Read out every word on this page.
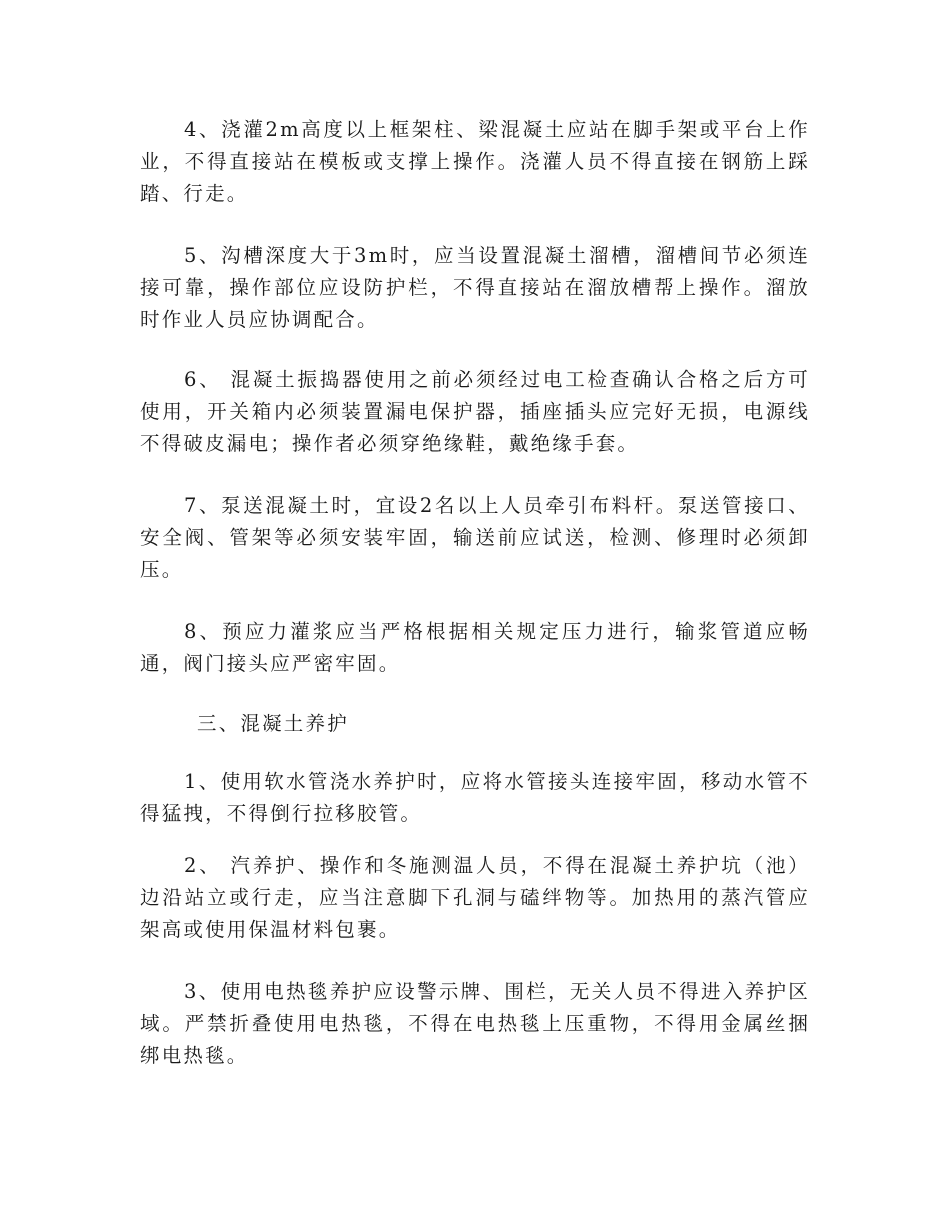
4、浇灌2m高度以上框架柱、梁混凝土应站在脚手架或平台上作业，不得直接站在模板或支撑上操作。浇灌人员不得直接在钢筋上踩踏、行走。

5、沟槽深度大于3m时，应当设置混凝土溜槽，溜槽间节必须连接可靠，操作部位应设防护栏，不得直接站在溜放槽帮上操作。溜放时作业人员应协调配合。

6、 混凝土振捣器使用之前必须经过电工检查确认合格之后方可使用，开关箱内必须装置漏电保护器，插座插头应完好无损，电源线不得破皮漏电；操作者必须穿绝缘鞋，戴绝缘手套。

7、泵送混凝土时，宜设2名以上人员牵引布料杆。泵送管接口、安全阀、管架等必须安装牢固，输送前应试送，检测、修理时必须卸压。

8、预应力灌浆应当严格根据相关规定压力进行，输浆管道应畅通，阀门接头应严密牢固。

三、混凝土养护

1、使用软水管浇水养护时，应将水管接头连接牢固，移动水管不得猛拽，不得倒行拉移胶管。

2、 汽养护、操作和冬施测温人员，不得在混凝土养护坑（池）边沿站立或行走，应当注意脚下孔洞与磕绊物等。加热用的蒸汽管应架高或使用保温材料包裹。

3、使用电热毯养护应设警示牌、围栏，无关人员不得进入养护区域。严禁折叠使用电热毯，不得在电热毯上压重物，不得用金属丝捆绑电热毯。
